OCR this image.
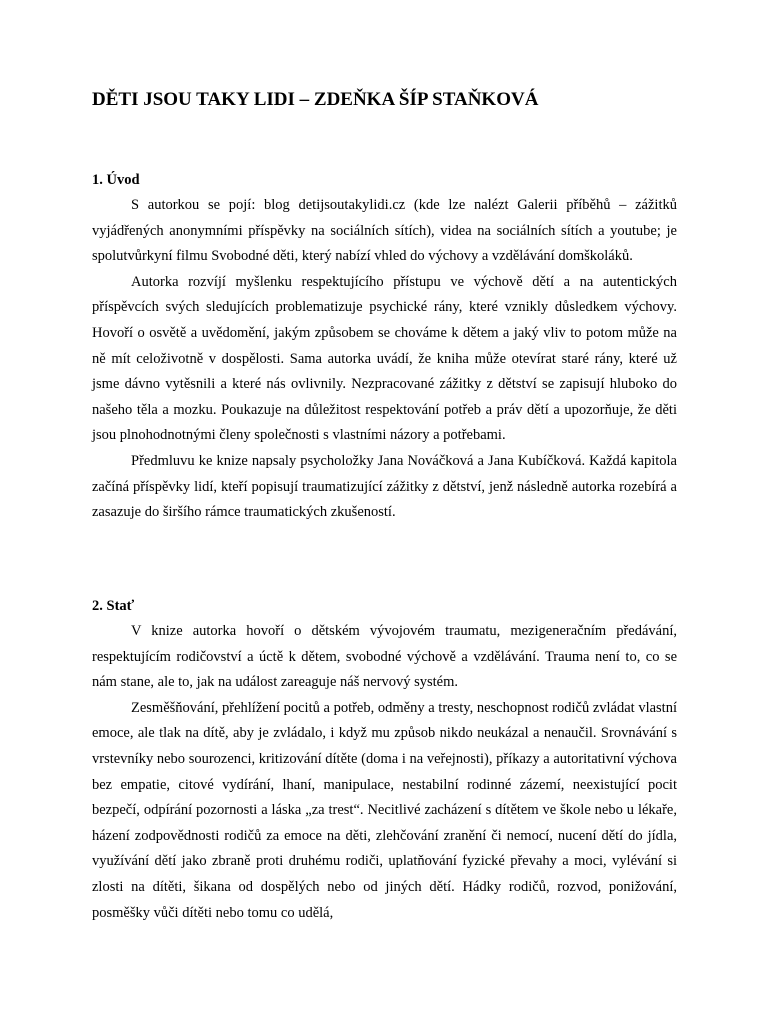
DĚTI JSOU TAKY LIDI – ZDEŇKA ŠÍP STAŇKOVÁ
1. Úvod

S autorkou se pojí: blog detijsoutakylidi.cz (kde lze nalézt Galerii příběhů – zážitků vyjádřených anonymními příspěvky na sociálních sítích), videa na sociálních sítích a youtube; je spolutvůrkyní filmu Svobodné děti, který nabízí vhled do výchovy a vzdělávání domškoláků.

Autorka rozvíjí myšlenku respektujícího přístupu ve výchově dětí a na autentických příspěvcích svých sledujících problematizuje psychické rány, které vznikly důsledkem výchovy. Hovoří o osvětě a uvědomění, jakým způsobem se chováme k dětem a jaký vliv to potom může na ně mít celoživotně v dospělosti. Sama autorka uvádí, že kniha může otevírat staré rány, které už jsme dávno vytěsnili a které nás ovlivnily. Nezpracované zážitky z dětství se zapisují hluboko do našeho těla a mozku. Poukazuje na důležitost respektování potřeb a práv dětí a upozorňuje, že děti jsou plnohodnotnými členy společnosti s vlastními názory a potřebami.

Předmluvu ke knize napsaly psycholožky Jana Nováčková a Jana Kubíčková. Každá kapitola začíná příspěvky lidí, kteří popisují traumatizující zážitky z dětství, jenž následně autorka rozebírá a zasazuje do širšího rámce traumatických zkušeností.

2. Stať

V knize autorka hovoří o dětském vývojovém traumatu, mezigeneračním předávání, respektujícím rodičovství a úctě k dětem, svobodné výchově a vzdělávání. Trauma není to, co se nám stane, ale to, jak na událost zareaguje náš nervový systém.

Zesměšňování, přehlížení pocitů a potřeb, odměny a tresty, neschopnost rodičů zvládat vlastní emoce, ale tlak na dítě, aby je zvládalo, i když mu způsob nikdo neukázal a nenaučil. Srovnávání s vrstevníky nebo sourozenci, kritizování dítěte (doma i na veřejnosti), příkazy a autoritativní výchova bez empatie, citové vydírání, lhaní, manipulace, nestabilní rodinné zázemí, neexistující pocit bezpečí, odpírání pozornosti a láska „za trest“. Necitlivé zacházení s dítětem ve škole nebo u lékaře, házení zodpovědnosti rodičů za emoce na děti, zlehčování zranění či nemocí, nucení dětí do jídla, využívání dětí jako zbraně proti druhému rodiči, uplatňování fyzické převahy a moci, vylévání si zlosti na dítěti, šikana od dospělých nebo od jiných dětí. Hádky rodičů, rozvod, ponižování, posměšky vůči dítěti nebo tomu co udělá,
